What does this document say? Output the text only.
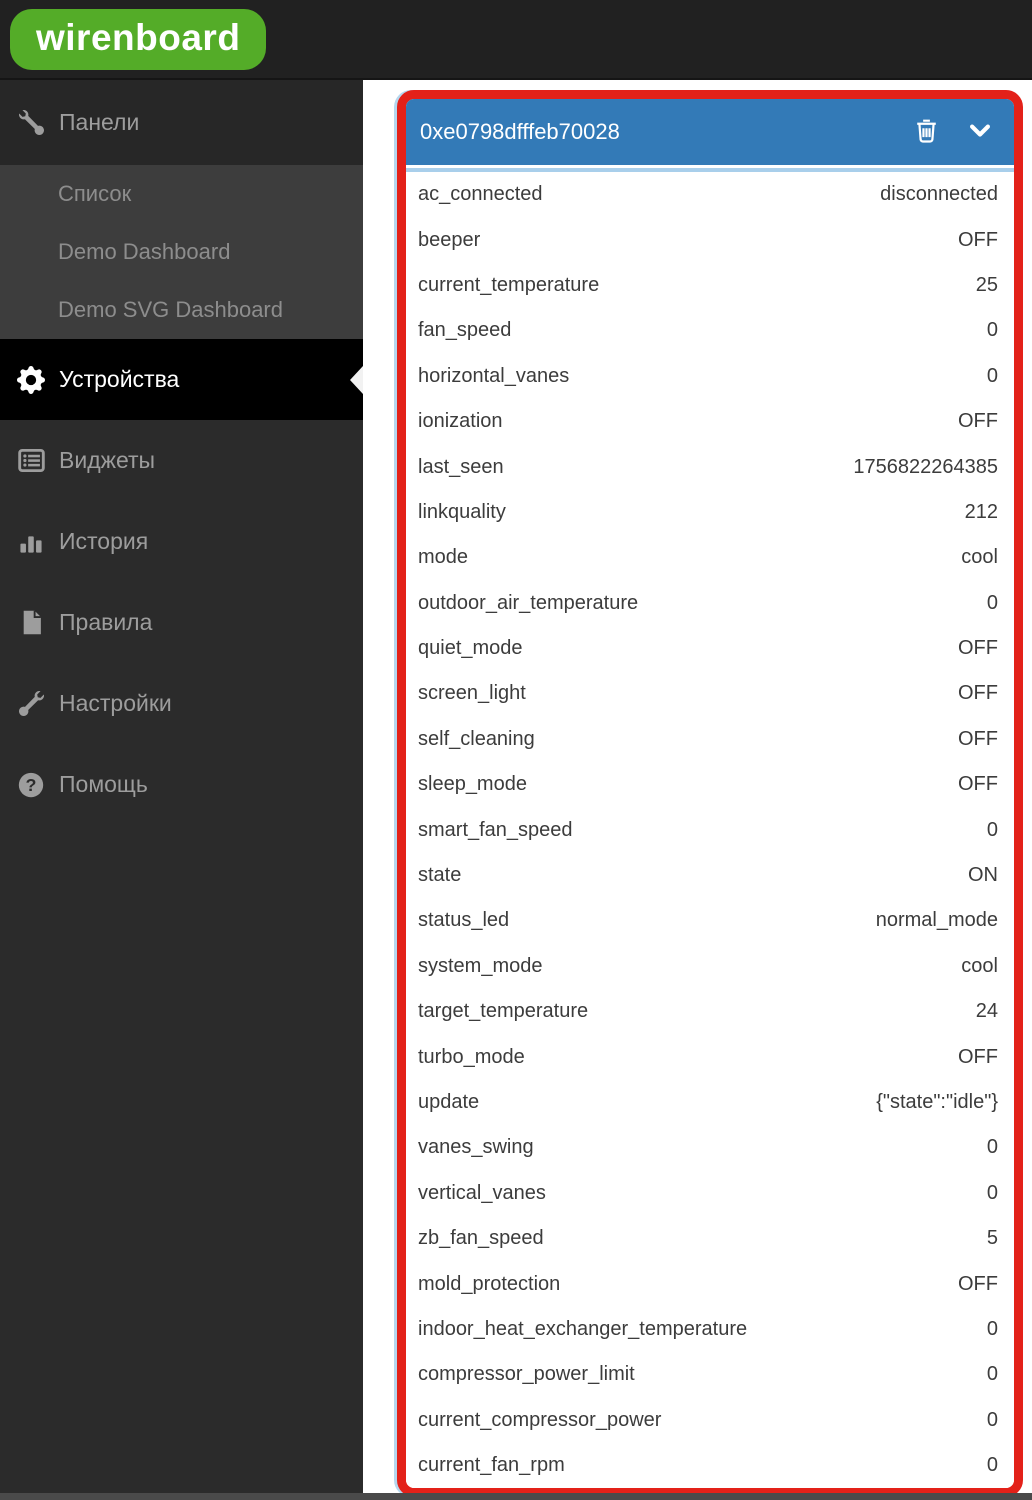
wirenboard
Панели
Список
Demo Dashboard
Demo SVG Dashboard
Устройства
Виджеты
История
Правила
Настройки
? Помощь
0xe0798dfffeb70028
ac_connected	disconnected
beeper	OFF
current_temperature	25
fan_speed	0
horizontal_vanes	0
ionization	OFF
last_seen	1756822264385
linkquality	212
mode	cool
outdoor_air_temperature	0
quiet_mode	OFF
screen_light	OFF
self_cleaning	OFF
sleep_mode	OFF
smart_fan_speed	0
state	ON
status_led	normal_mode
system_mode	cool
target_temperature	24
turbo_mode	OFF
update	{"state":"idle"}
vanes_swing	0
vertical_vanes	0
zb_fan_speed	5
mold_protection	OFF
indoor_heat_exchanger_temperature	0
compressor_power_limit	0
current_compressor_power	0
current_fan_rpm	0
